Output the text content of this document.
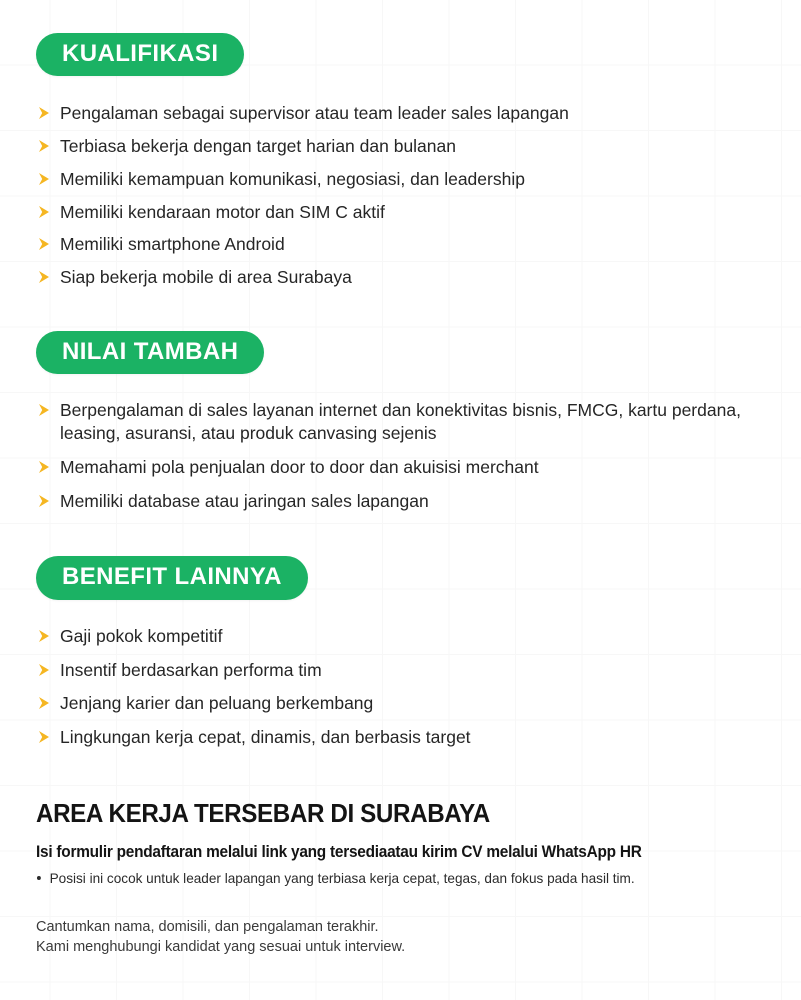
KUALIFIKASI
Pengalaman sebagai supervisor atau team leader sales lapangan
Terbiasa bekerja dengan target harian dan bulanan
Memiliki kemampuan komunikasi, negosiasi, dan leadership
Memiliki kendaraan motor dan SIM C aktif
Memiliki smartphone Android
Siap bekerja mobile di area Surabaya
NILAI TAMBAH
Berpengalaman di sales layanan internet dan konektivitas bisnis, FMCG, kartu perdana, leasing, asuransi, atau produk canvasing sejenis
Memahami pola penjualan door to door dan akuisisi merchant
Memiliki database atau jaringan sales lapangan
BENEFIT LAINNYA
Gaji pokok kompetitif
Insentif berdasarkan performa tim
Jenjang karier dan peluang berkembang
Lingkungan kerja cepat, dinamis, dan berbasis target
AREA KERJA TERSEBAR DI SURABAYA
Isi formulir pendaftaran melalui link yang tersediaatau kirim CV melalui WhatsApp HR
Posisi ini cocok untuk leader lapangan yang terbiasa kerja cepat, tegas, dan fokus pada hasil tim.
Cantumkan nama, domisili, dan pengalaman terakhir.
Kami menghubungi kandidat yang sesuai untuk interview.
